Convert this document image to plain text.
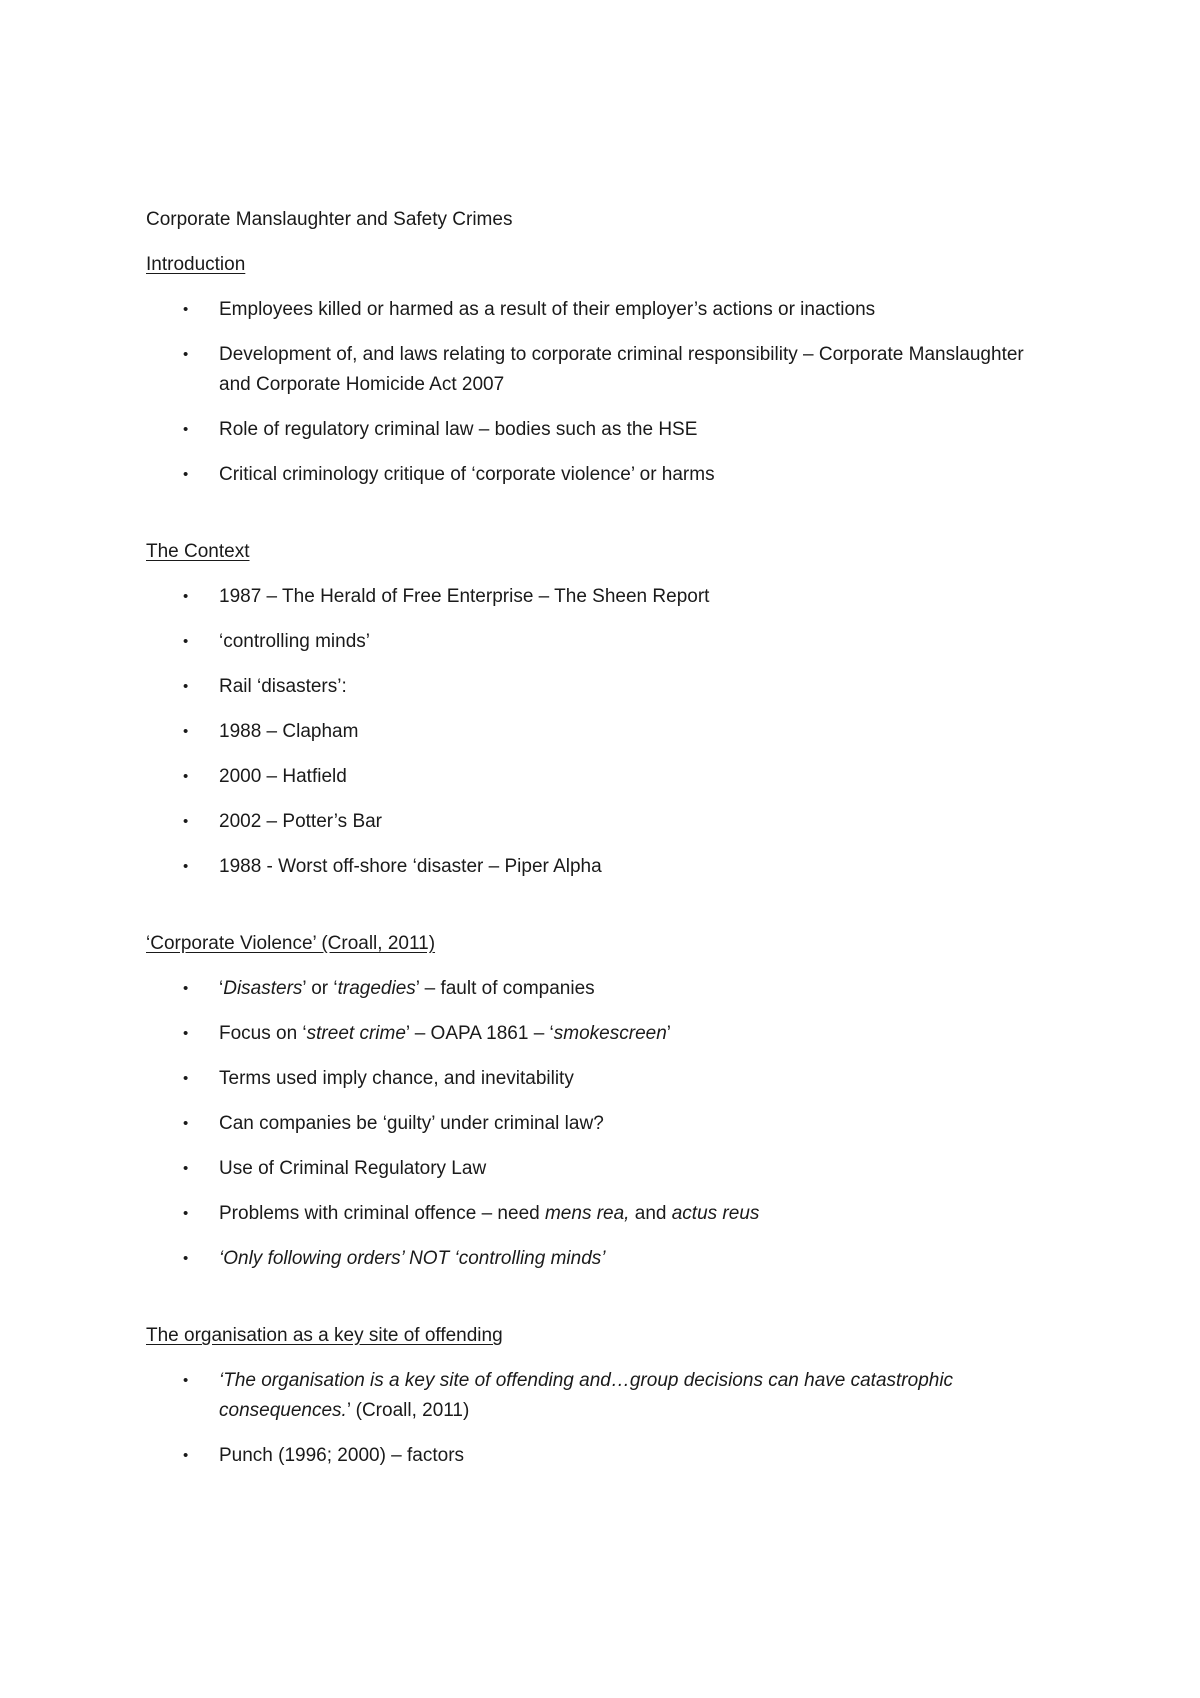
Corporate Manslaughter and Safety Crimes
Introduction
• Employees killed or harmed as a result of their employer’s actions or inactions
• Development of, and laws relating to corporate criminal responsibility – Corporate Manslaughter and Corporate Homicide Act 2007
• Role of regulatory criminal law – bodies such as the HSE
• Critical criminology critique of ‘corporate violence’ or harms
The Context
• 1987 – The Herald of Free Enterprise – The Sheen Report
• ‘controlling minds’
• Rail ‘disasters’:
• 1988 – Clapham
• 2000 – Hatfield
• 2002 – Potter’s Bar
• 1988 - Worst off-shore ‘disaster – Piper Alpha
‘Corporate Violence’ (Croall, 2011)
• ‘Disasters’ or ‘tragedies’ – fault of companies
• Focus on ‘street crime’ – OAPA 1861 – ‘smokescreen’
• Terms used imply chance, and inevitability
• Can companies be ‘guilty’ under criminal law?
• Use of Criminal Regulatory Law
• Problems with criminal offence – need mens rea, and actus reus
• ‘Only following orders’ NOT ‘controlling minds’
The organisation as a key site of offending
• ‘The organisation is a key site of offending and…group decisions can have catastrophic consequences.’ (Croall, 2011)
• Punch (1996; 2000) – factors
